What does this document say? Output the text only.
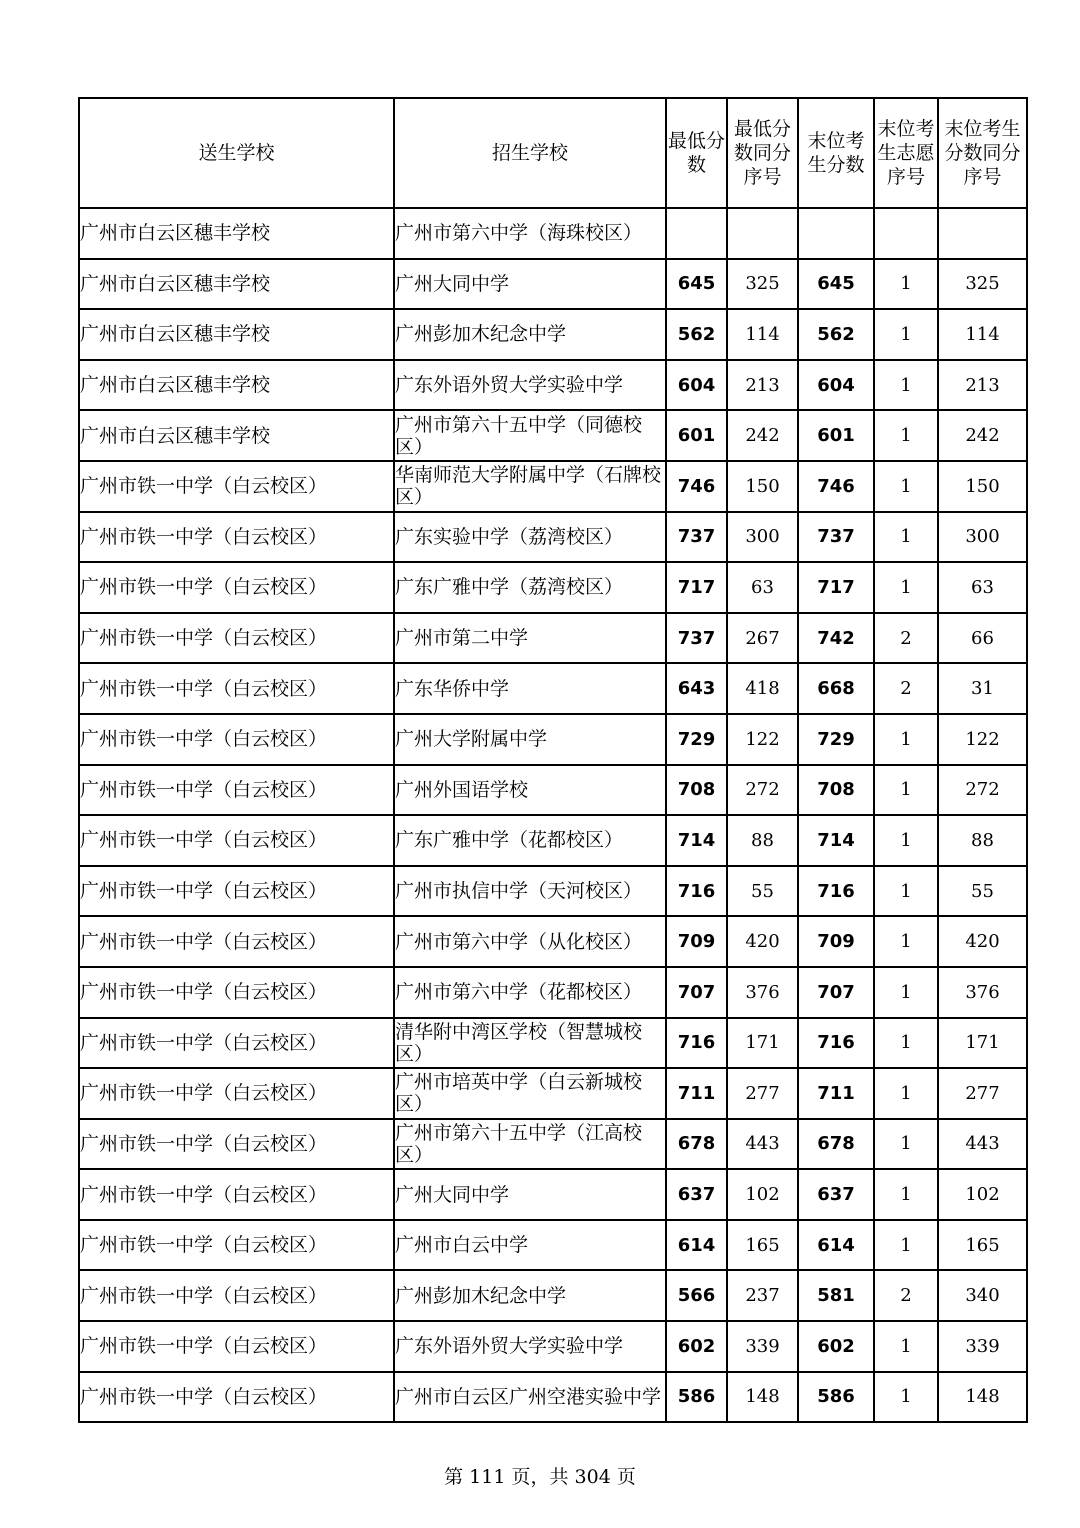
送生学校	招生学校	最低分数	最低分数同分序号	末位考生分数	末位考生志愿序号	末位考生分数同分序号
广州市白云区穗丰学校	广州市第六中学（海珠校区）					
广州市白云区穗丰学校	广州大同中学	645	325	645	1	325
广州市白云区穗丰学校	广州彭加木纪念中学	562	114	562	1	114
广州市白云区穗丰学校	广东外语外贸大学实验中学	604	213	604	1	213
广州市白云区穗丰学校	广州市第六十五中学（同德校区）	601	242	601	1	242
广州市铁一中学（白云校区）	华南师范大学附属中学（石牌校区）	746	150	746	1	150
广州市铁一中学（白云校区）	广东实验中学（荔湾校区）	737	300	737	1	300
广州市铁一中学（白云校区）	广东广雅中学（荔湾校区）	717	63	717	1	63
广州市铁一中学（白云校区）	广州市第二中学	737	267	742	2	66
广州市铁一中学（白云校区）	广东华侨中学	643	418	668	2	31
广州市铁一中学（白云校区）	广州大学附属中学	729	122	729	1	122
广州市铁一中学（白云校区）	广州外国语学校	708	272	708	1	272
广州市铁一中学（白云校区）	广东广雅中学（花都校区）	714	88	714	1	88
广州市铁一中学（白云校区）	广州市执信中学（天河校区）	716	55	716	1	55
广州市铁一中学（白云校区）	广州市第六中学（从化校区）	709	420	709	1	420
广州市铁一中学（白云校区）	广州市第六中学（花都校区）	707	376	707	1	376
广州市铁一中学（白云校区）	清华附中湾区学校（智慧城校区）	716	171	716	1	171
广州市铁一中学（白云校区）	广州市培英中学（白云新城校区）	711	277	711	1	277
广州市铁一中学（白云校区）	广州市第六十五中学（江高校区）	678	443	678	1	443
广州市铁一中学（白云校区）	广州大同中学	637	102	637	1	102
广州市铁一中学（白云校区）	广州市白云中学	614	165	614	1	165
广州市铁一中学（白云校区）	广州彭加木纪念中学	566	237	581	2	340
广州市铁一中学（白云校区）	广东外语外贸大学实验中学	602	339	602	1	339
广州市铁一中学（白云校区）	广州市白云区广州空港实验中学	586	148	586	1	148
第 111 页，共 304 页
